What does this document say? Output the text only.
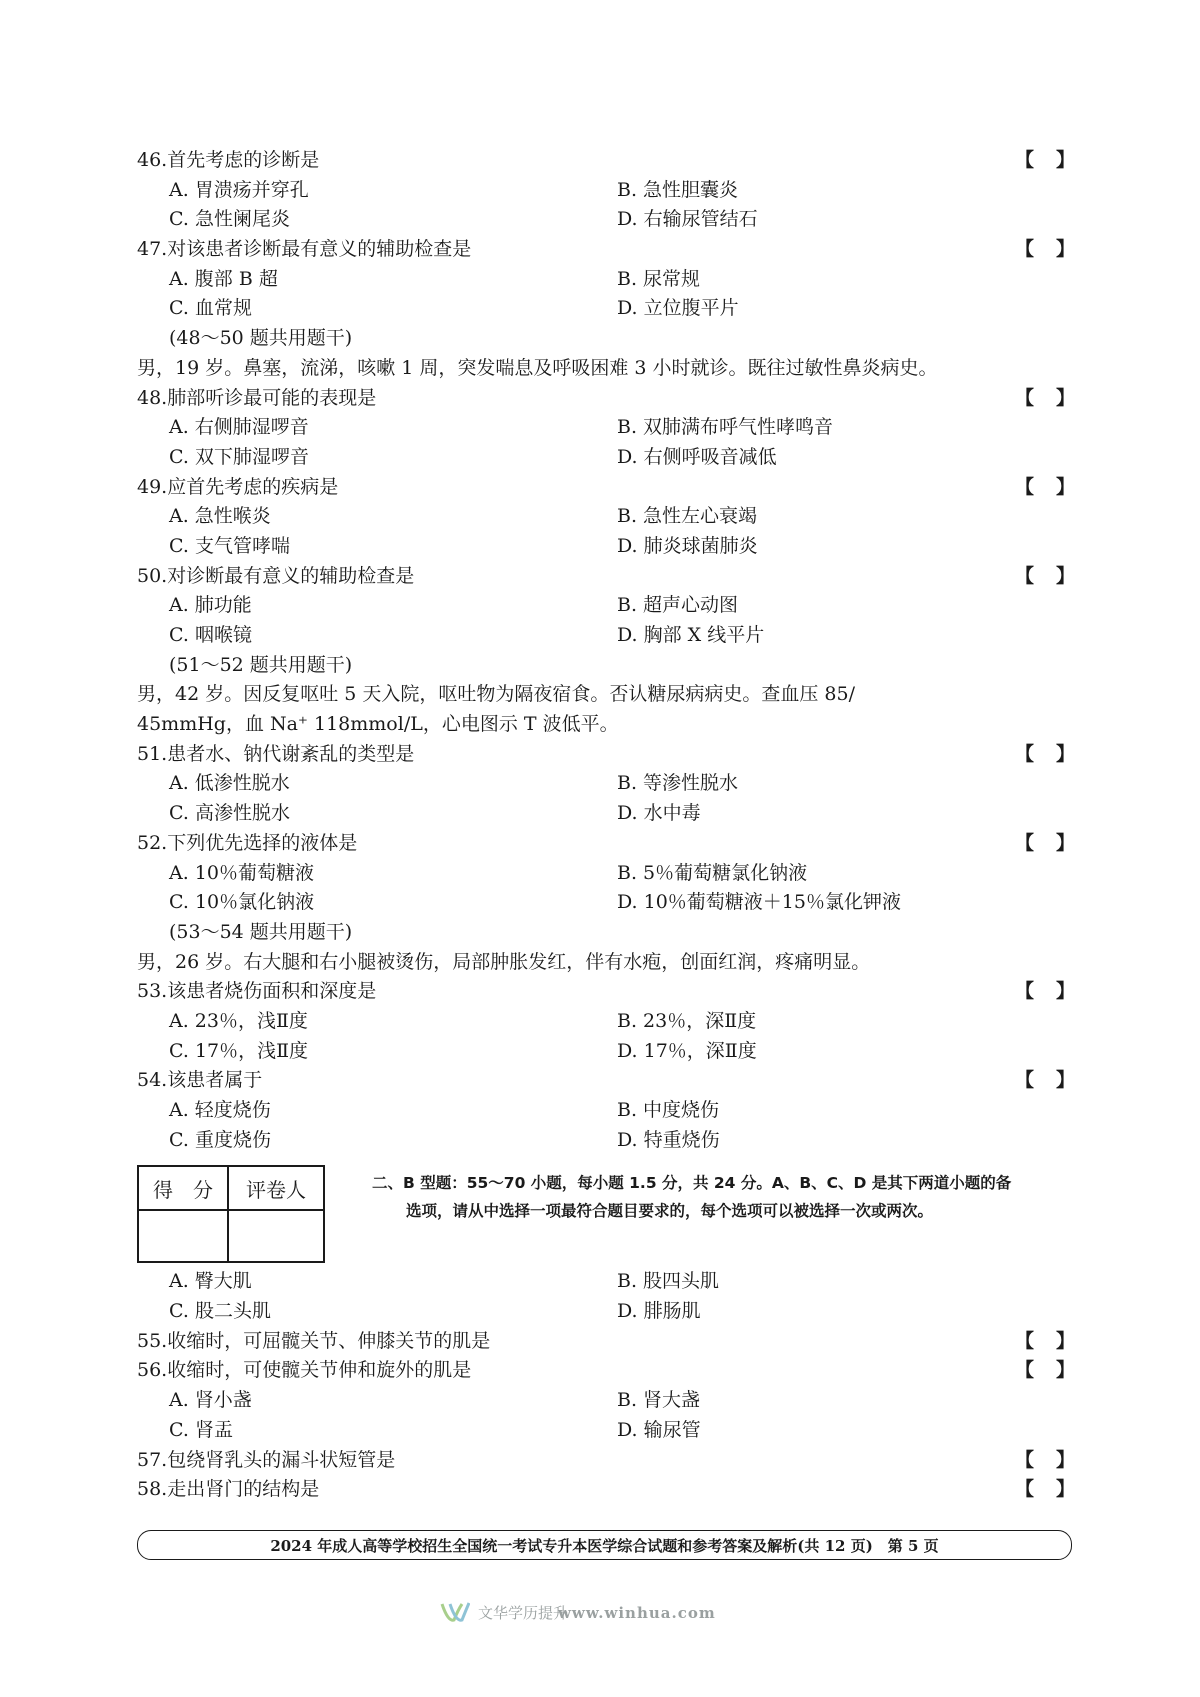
46.首先考虑的诊断是	【】
A. 胃溃疡并穿孔	B. 急性胆囊炎
C. 急性阑尾炎	D. 右输尿管结石
47.对该患者诊断最有意义的辅助检查是	【】
A. 腹部 B 超	B. 尿常规
C. 血常规	D. 立位腹平片
(48～50 题共用题干)
男，19 岁。鼻塞，流涕，咳嗽 1 周，突发喘息及呼吸困难 3 小时就诊。既往过敏性鼻炎病史。
48.肺部听诊最可能的表现是	【】
A. 右侧肺湿啰音	B. 双肺满布呼气性哮鸣音
C. 双下肺湿啰音	D. 右侧呼吸音减低
49.应首先考虑的疾病是	【】
A. 急性喉炎	B. 急性左心衰竭
C. 支气管哮喘	D. 肺炎球菌肺炎
50.对诊断最有意义的辅助检查是	【】
A. 肺功能	B. 超声心动图
C. 咽喉镜	D. 胸部 X 线平片
(51～52 题共用题干)
男，42 岁。因反复呕吐 5 天入院，呕吐物为隔夜宿食。否认糖尿病病史。查血压 85/
45mmHg，血 Na⁺ 118mmol/L，心电图示 T 波低平。
51.患者水、钠代谢紊乱的类型是	【】
A. 低渗性脱水	B. 等渗性脱水
C. 高渗性脱水	D. 水中毒
52.下列优先选择的液体是	【】
A. 10％葡萄糖液	B. 5％葡萄糖氯化钠液
C. 10％氯化钠液	D. 10％葡萄糖液＋15％氯化钾液
(53～54 题共用题干)
男，26 岁。右大腿和右小腿被烫伤，局部肿胀发红，伴有水疱，创面红润，疼痛明显。
53.该患者烧伤面积和深度是	【】
A. 23％，浅Ⅱ度	B. 23％，深Ⅱ度
C. 17％，浅Ⅱ度	D. 17％，深Ⅱ度
54.该患者属于	【】
A. 轻度烧伤	B. 中度烧伤
C. 重度烧伤	D. 特重烧伤
得　分	评卷人
		二、B 型题：55～70 小题，每小题 1.5 分，共 24 分。A、B、C、D 是其下两道小题的备
选项，请从中选择一项最符合题目要求的，每个选项可以被选择一次或两次。
A. 臀大肌	B. 股四头肌
C. 股二头肌	D. 腓肠肌
55.收缩时，可屈髋关节、伸膝关节的肌是	【】
56.收缩时，可使髋关节伸和旋外的肌是	【】
A. 肾小盏	B. 肾大盏
C. 肾盂	D. 输尿管
57.包绕肾乳头的漏斗状短管是	【】
58.走出肾门的结构是	【】
2024 年成人高等学校招生全国统一考试专升本医学综合试题和参考答案及解析(共 12 页)　第 5 页
文华学历提升
www.winhua.com
